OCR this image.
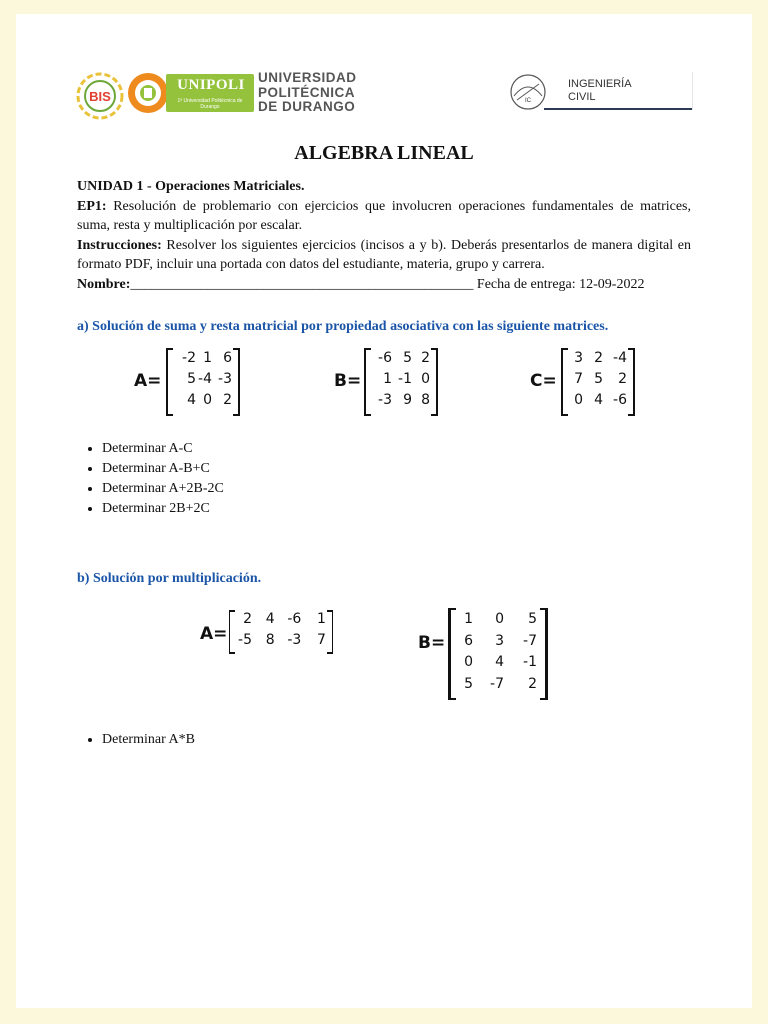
BIS
UNIPOLI
1ª Universidad Politécnica de Durango
UNIVERSIDAD
POLITÉCNICA
DE DURANGO	IC
INGENIERÍA
CIVIL
ALGEBRA LINEAL
UNIDAD 1 - Operaciones Matriciales.
EP1: Resolución de problemario con ejercicios que involucren operaciones fundamentales de matrices, suma, resta y multiplicación por escalar.
Instrucciones: Resolver los siguientes ejercicios (incisos a y b). Deberás presentarlos de manera digital en formato PDF, incluir una portada con datos del estudiante, materia, grupo y carrera.
Nombre:_________________________________________________ Fecha de entrega: 12-09-2022
a) Solución de suma y resta matricial por propiedad asociativa con las siguiente matrices.
A=
-2 1 6
5 -4 -3
4 0 2
B=
-6 5 2
1 -1 0
-3 9 8
C=
3 2 -4
7 5	2
0 4 -6
• Determinar A-C
• Determinar A-B+C
• Determinar A+2B-2C
• Determinar 2B+2C
b) Solución por multiplicación.
A=
2 4 -6	1
-5 8 -3	7	B=
1	0	5
6	3	-7
0	4	-1
5	-7	2
• Determinar A*B
